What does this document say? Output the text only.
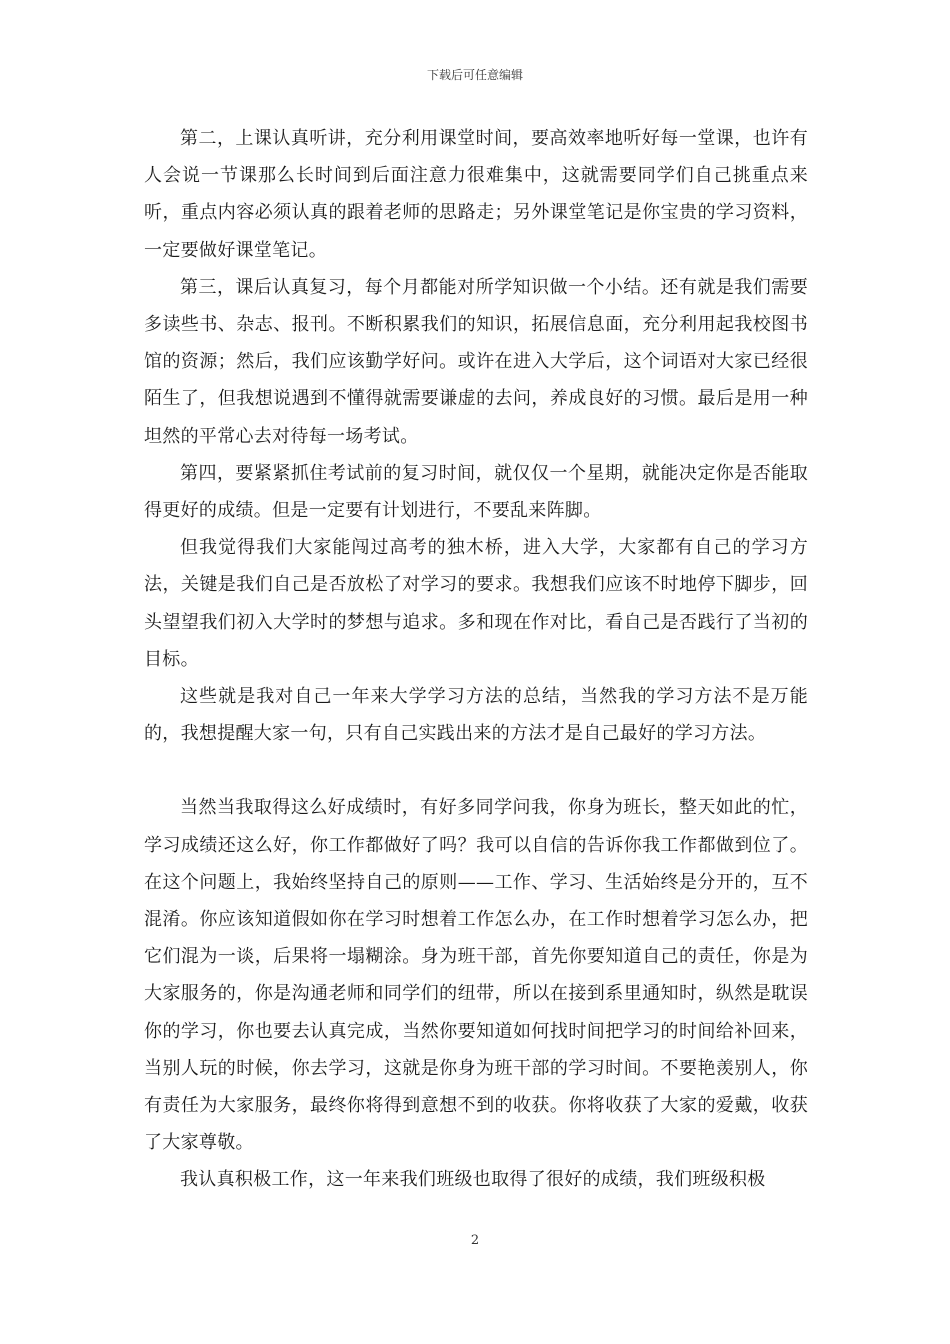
下载后可任意编辑

第二，上课认真听讲，充分利用课堂时间，要高效率地听好每一堂课，也许有人会说一节课那么长时间到后面注意力很难集中，这就需要同学们自己挑重点来听，重点内容必须认真的跟着老师的思路走；另外课堂笔记是你宝贵的学习资料，一定要做好课堂笔记。

第三，课后认真复习，每个月都能对所学知识做一个小结。还有就是我们需要多读些书、杂志、报刊。不断积累我们的知识，拓展信息面，充分利用起我校图书馆的资源；然后，我们应该勤学好问。或许在进入大学后，这个词语对大家已经很陌生了，但我想说遇到不懂得就需要谦虚的去问，养成良好的习惯。最后是用一种坦然的平常心去对待每一场考试。

第四，要紧紧抓住考试前的复习时间，就仅仅一个星期，就能决定你是否能取得更好的成绩。但是一定要有计划进行，不要乱来阵脚。

但我觉得我们大家能闯过高考的独木桥，进入大学，大家都有自己的学习方法，关键是我们自己是否放松了对学习的要求。我想我们应该不时地停下脚步，回头望望我们初入大学时的梦想与追求。多和现在作对比，看自己是否践行了当初的目标。

这些就是我对自己一年来大学学习方法的总结，当然我的学习方法不是万能的，我想提醒大家一句，只有自己实践出来的方法才是自己最好的学习方法。

当然当我取得这么好成绩时，有好多同学问我，你身为班长，整天如此的忙，学习成绩还这么好，你工作都做好了吗？我可以自信的告诉你我工作都做到位了。在这个问题上，我始终坚持自己的原则——工作、学习、生活始终是分开的，互不混淆。你应该知道假如你在学习时想着工作怎么办，在工作时想着学习怎么办，把它们混为一谈，后果将一塌糊涂。身为班干部，首先你要知道自己的责任，你是为大家服务的，你是沟通老师和同学们的纽带，所以在接到系里通知时，纵然是耽误你的学习，你也要去认真完成，当然你要知道如何找时间把学习的时间给补回来，当别人玩的时候，你去学习，这就是你身为班干部的学习时间。不要艳羡别人，你有责任为大家服务，最终你将得到意想不到的收获。你将收获了大家的爱戴，收获了大家尊敬。

我认真积极工作，这一年来我们班级也取得了很好的成绩，我们班级积极

2
